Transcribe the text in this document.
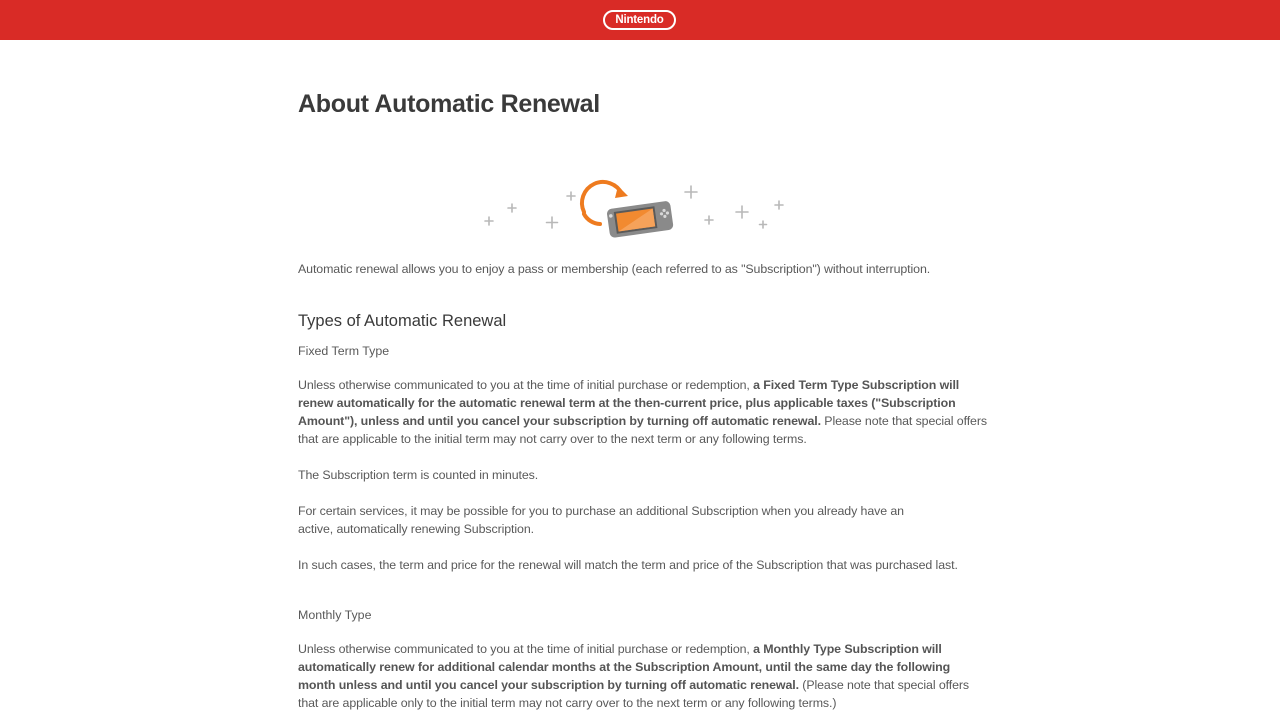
Nintendo
About Automatic Renewal

Automatic renewal allows you to enjoy a pass or membership (each referred to as "Subscription") without interruption.

Types of Automatic Renewal
Fixed Term Type

Unless otherwise communicated to you at the time of initial purchase or redemption, a Fixed Term Type Subscription will renew automatically for the automatic renewal term at the then-current price, plus applicable taxes ("Subscription Amount"), unless and until you cancel your subscription by turning off automatic renewal. Please note that special offers that are applicable to the initial term may not carry over to the next term or any following terms.

The Subscription term is counted in minutes.

For certain services, it may be possible for you to purchase an additional Subscription when you already have an active, automatically renewing Subscription.

In such cases, the term and price for the renewal will match the term and price of the Subscription that was purchased last.

Monthly Type

Unless otherwise communicated to you at the time of initial purchase or redemption, a Monthly Type Subscription will automatically renew for additional calendar months at the Subscription Amount, until the same day the following month unless and until you cancel your subscription by turning off automatic renewal. (Please note that special offers that are applicable only to the initial term may not carry over to the next term or any following terms.)
